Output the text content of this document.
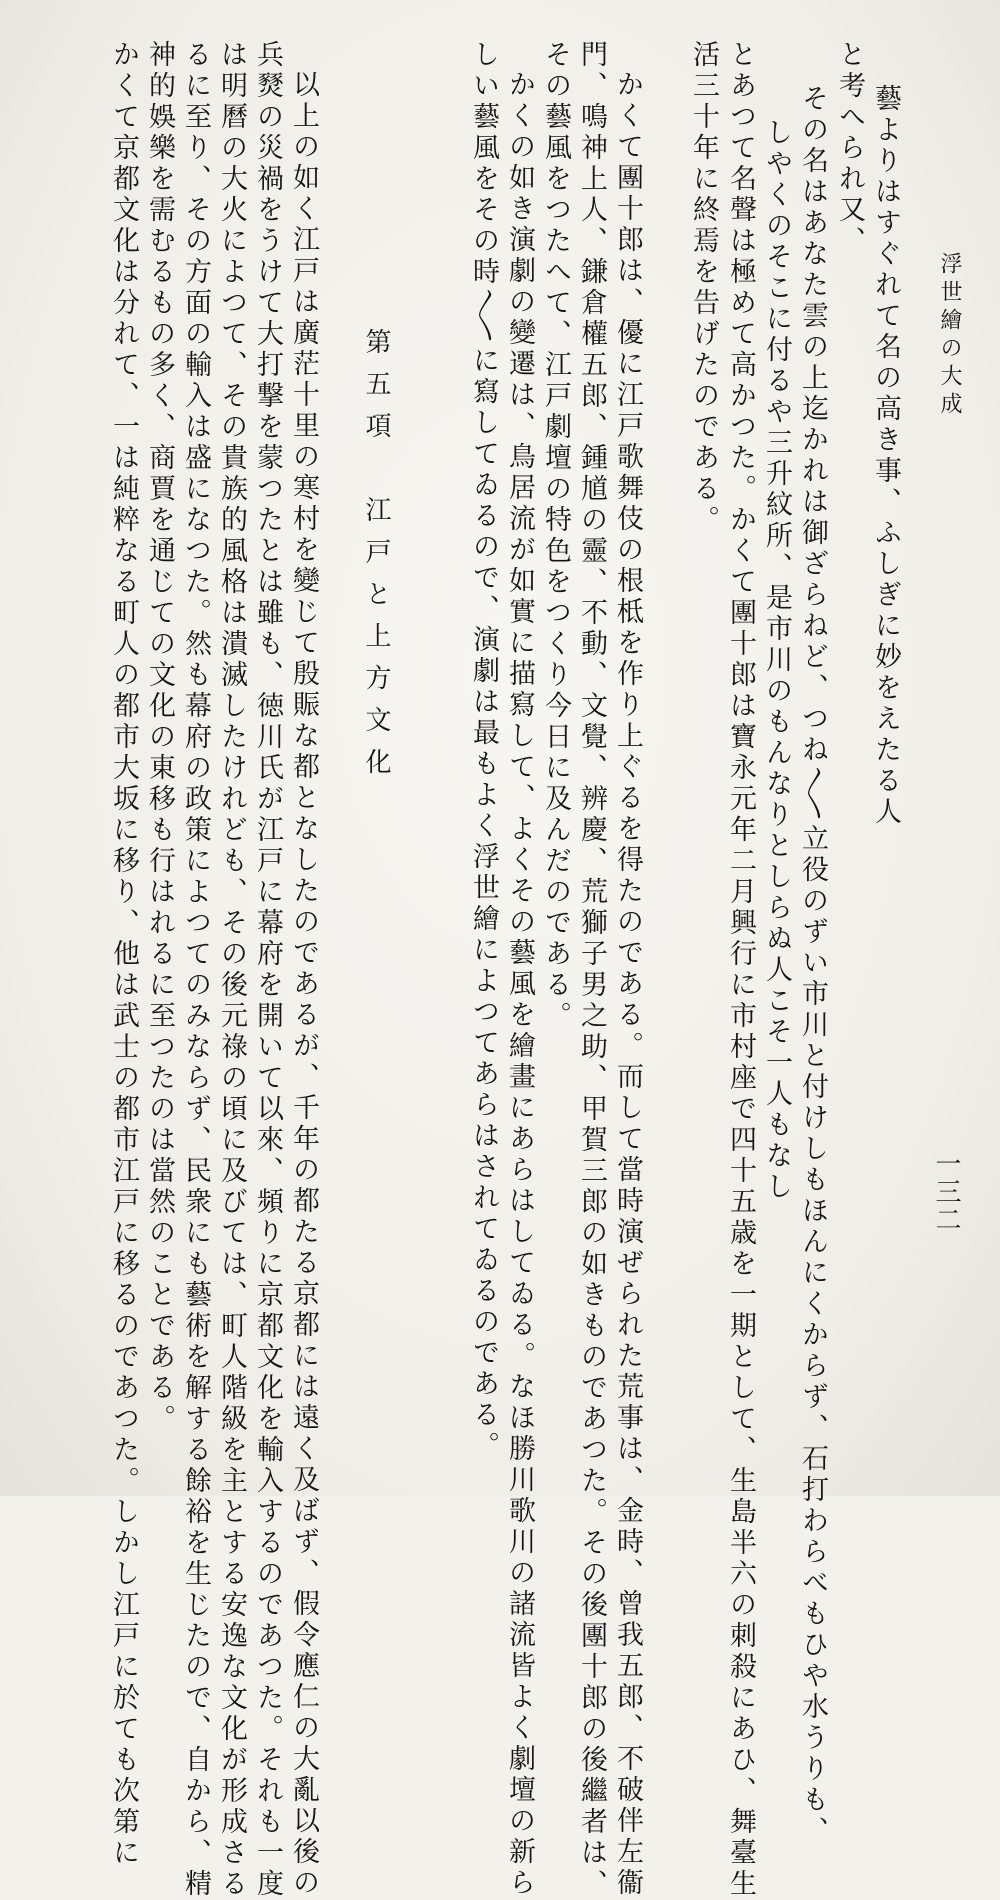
浮世繪の大成
一三二
藝よりはすぐれて名の高き事、ふしぎに妙をえたる人
と考へられ又、
その名はあなた雲の上迄かれは御ざらねど、つね〳〵立役のずい市川と付けしもほんにくからず、石打わらべもひや水うりも、
しやくのそこに付るや三升紋所、是市川のもんなりとしらぬ人こそ一人もなし
とあつて名聲は極めて高かつた。かくて團十郎は寶永元年二月興行に市村座で四十五歳を一期として、生島半六の刺殺にあひ、舞臺生
活三十年に終焉を告げたのである。
かくて團十郎は、優に江戸歌舞伎の根柢を作り上ぐるを得たのである。而して當時演ぜられた荒事は、金時、曾我五郎、不破伴左衞
門、鳴神上人、鎌倉權五郎、鍾馗の靈、不動、文覺、辨慶、荒獅子男之助、甲賀三郎の如きものであつた。その後團十郎の後繼者は、
その藝風をつたへて、江戸劇壇の特色をつくり今日に及んだのである。
かくの如き演劇の變遷は、鳥居流が如實に描寫して、よくその藝風を繪畫にあらはしてゐる。なほ勝川歌川の諸流皆よく劇壇の新ら
しい藝風をその時〳〵に寫してゐるので、演劇は最もよく浮世繪によつてあらはされてゐるのである。
第五項　江戸と上方文化
以上の如く江戸は廣茫十里の寒村を變じて殷賑な都となしたのであるが、千年の都たる京都には遠く及ばず、假令應仁の大亂以後の
兵燹の災禍をうけて大打撃を蒙つたとは雖も、徳川氏が江戸に幕府を開いて以來、頻りに京都文化を輸入するのであつた。それも一度
は明曆の大火によつて、その貴族的風格は潰滅したけれども、その後元祿の頃に及びては、町人階級を主とする安逸な文化が形成さる
るに至り、その方面の輸入は盛になつた。然も幕府の政策によつてのみならず、民衆にも藝術を解する餘裕を生じたので、自から、精
神的娛樂を需むるもの多く、商賈を通じての文化の東移も行はれるに至つたのは當然のことである。
かくて京都文化は分れて、一は純粹なる町人の都市大坂に移り、他は武士の都市江戸に移るのであつた。しかし江戸に於ても次第に
